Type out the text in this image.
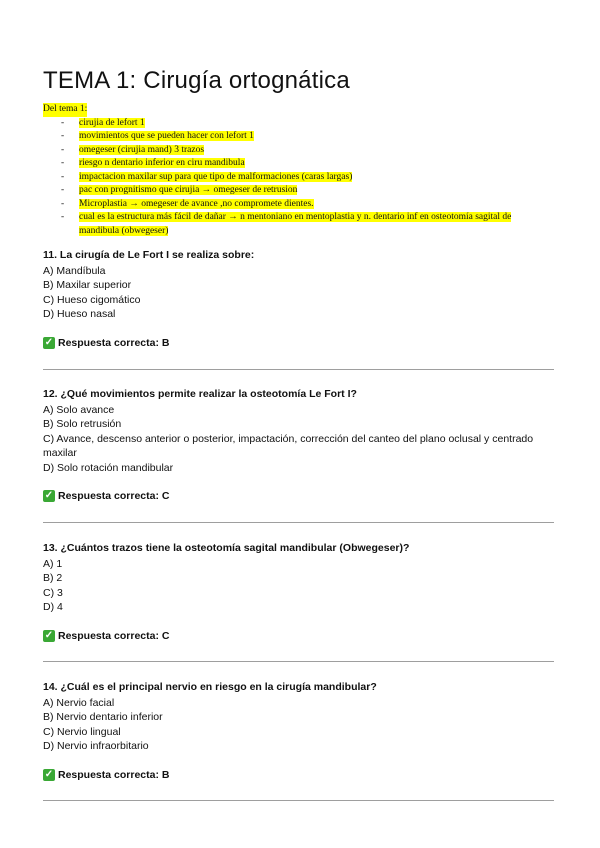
TEMA 1: Cirugía ortognática
Del tema 1:
- cirujia de lefort 1
- movimientos que se pueden hacer con lefort 1
- omegeser (cirujia mand) 3 trazos
- riesgo n dentario inferior en ciru mandibula
- impactacion maxilar sup para que tipo de malformaciones (caras largas)
- pac con prognitismo que cirujia → omegeser de retrusion
- Microplastia → omegeser de avance ,no compromete dientes.
- cual es la estructura más fácil de dañar → n mentoniano en mentoplastia y n. dentario inf en osteotomía sagital de mandibula (obwegeser)
11. La cirugía de Le Fort I se realiza sobre:
A) Mandíbula
B) Maxilar superior
C) Hueso cigomático
D) Hueso nasal
✓ Respuesta correcta:
B
12. ¿Qué movimientos permite realizar la osteotomía Le Fort I?
A) Solo avance
B) Solo retrusión
C) Avance, descenso anterior o posterior, impactación, corrección del canteo del plano oclusal y centrado maxilar
D) Solo rotación mandibular
✓ Respuesta correcta:
C
13. ¿Cuántos trazos tiene la osteotomía sagital mandibular (Obwegeser)?
A) 1
B) 2
C) 3
D) 4
✓ Respuesta correcta:
C
14. ¿Cuál es el principal nervio en riesgo en la cirugía mandibular?
A) Nervio facial
B) Nervio dentario inferior
C) Nervio lingual
D) Nervio infraorbitario
✓ Respuesta correcta:
B
